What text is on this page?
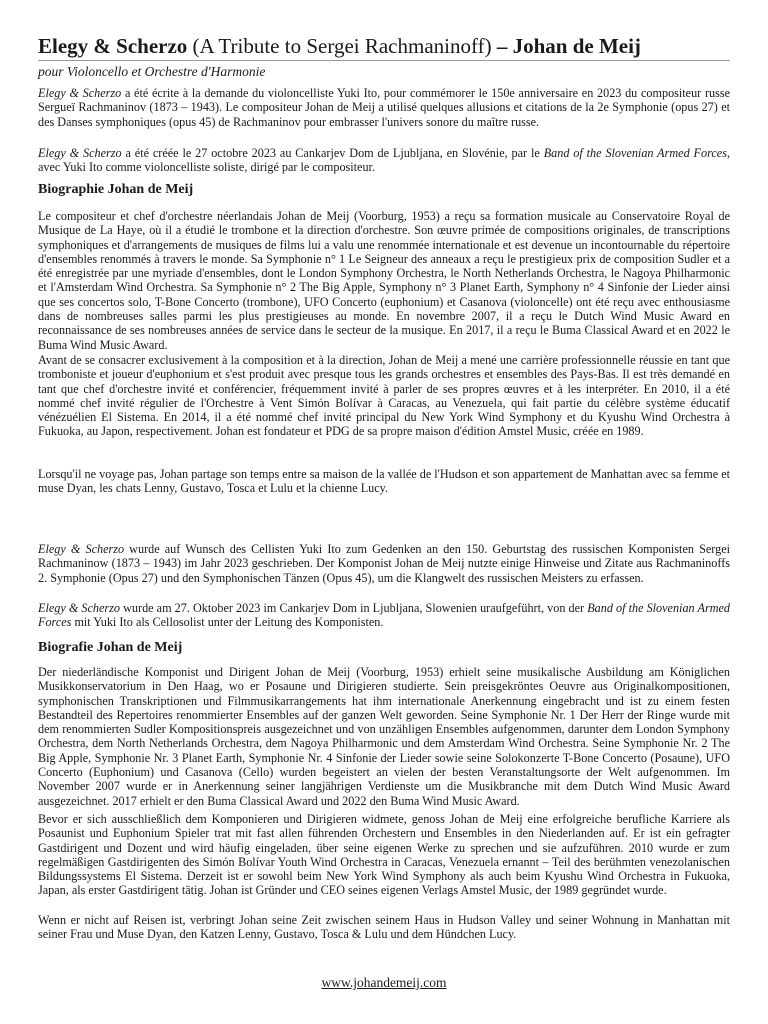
Elegy & Scherzo (A Tribute to Sergei Rachmaninoff) – Johan de Meij
pour Violoncello et Orchestre d'Harmonie

Elegy & Scherzo a été écrite à la demande du violoncelliste Yuki Ito, pour commémorer le 150e anniversaire en 2023 du compositeur russe Sergueï Rachmaninov (1873 – 1943). Le compositeur Johan de Meij a utilisé quelques allusions et citations de la 2e Symphonie (opus 27) et des Danses symphoniques (opus 45) de Rachmaninov pour embrasser l'univers sonore du maître russe.

Elegy & Scherzo a été créée le 27 octobre 2023 au Cankarjev Dom de Ljubljana, en Slovénie, par le Band of the Slovenian Armed Forces, avec Yuki Ito comme violoncelliste soliste, dirigé par le compositeur.

Biographie Johan de Meij

Le compositeur et chef d'orchestre néerlandais Johan de Meij (Voorburg, 1953) a reçu sa formation musicale au Conservatoire Royal de Musique de La Haye, où il a étudié le trombone et la direction d'orchestre. Son œuvre primée de compositions originales, de transcriptions symphoniques et d'arrangements de musiques de films lui a valu une renommée internationale et est devenue un incontournable du répertoire d'ensembles renommés à travers le monde. Sa Symphonie n° 1 Le Seigneur des anneaux a reçu le prestigieux prix de composition Sudler et a été enregistrée par une myriade d'ensembles, dont le London Symphony Orchestra, le North Netherlands Orchestra, le Nagoya Philharmonic et l'Amsterdam Wind Orchestra. Sa Symphonie n° 2 The Big Apple, Symphony n° 3 Planet Earth, Symphony n° 4 Sinfonie der Lieder ainsi que ses concertos solo, T-Bone Concerto (trombone), UFO Concerto (euphonium) et Casanova (violoncelle) ont été reçu avec enthousiasme dans de nombreuses salles parmi les plus prestigieuses au monde. En novembre 2007, il a reçu le Dutch Wind Music Award en reconnaissance de ses nombreuses années de service dans le secteur de la musique. En 2017, il a reçu le Buma Classical Award et en 2022 le Buma Wind Music Award.

Avant de se consacrer exclusivement à la composition et à la direction, Johan de Meij a mené une carrière professionnelle réussie en tant que tromboniste et joueur d'euphonium et s'est produit avec presque tous les grands orchestres et ensembles des Pays-Bas. Il est très demandé en tant que chef d'orchestre invité et conférencier, fréquemment invité à parler de ses propres œuvres et à les interpréter. En 2010, il a été nommé chef invité régulier de l'Orchestre à Vent Simón Bolívar à Caracas, au Venezuela, qui fait partie du célèbre système éducatif vénézuélien El Sistema. En 2014, il a été nommé chef invité principal du New York Wind Symphony et du Kyushu Wind Orchestra à Fukuoka, au Japon, respectivement. Johan est fondateur et PDG de sa propre maison d'édition Amstel Music, créée en 1989.

Lorsqu'il ne voyage pas, Johan partage son temps entre sa maison de la vallée de l'Hudson et son appartement de Manhattan avec sa femme et muse Dyan, les chats Lenny, Gustavo, Tosca et Lulu et la chienne Lucy.

Elegy & Scherzo wurde auf Wunsch des Cellisten Yuki Ito zum Gedenken an den 150. Geburtstag des russischen Komponisten Sergei Rachmaninow (1873 – 1943) im Jahr 2023 geschrieben. Der Komponist Johan de Meij nutzte einige Hinweise und Zitate aus Rachmaninoffs 2. Symphonie (Opus 27) und den Symphonischen Tänzen (Opus 45), um die Klangwelt des russischen Meisters zu erfassen.

Elegy & Scherzo wurde am 27. Oktober 2023 im Cankarjev Dom in Ljubljana, Slowenien uraufgeführt, von der Band of the Slovenian Armed Forces mit Yuki Ito als Cellosolist unter der Leitung des Komponisten.

Biografie Johan de Meij

Der niederländische Komponist und Dirigent Johan de Meij (Voorburg, 1953) erhielt seine musikalische Ausbildung am Königlichen Musikkonservatorium in Den Haag, wo er Posaune und Dirigieren studierte. Sein preisgekröntes Oeuvre aus Originalkompositionen, symphonischen Transkriptionen und Filmmusikarrangements hat ihm internationale Anerkennung eingebracht und ist zu einem festen Bestandteil des Repertoires renommierter Ensembles auf der ganzen Welt geworden. Seine Symphonie Nr. 1 Der Herr der Ringe wurde mit dem renommierten Sudler Kompositionspreis ausgezeichnet und von unzähligen Ensembles aufgenommen, darunter dem London Symphony Orchestra, dem North Netherlands Orchestra, dem Nagoya Philharmonic und dem Amsterdam Wind Orchestra. Seine Symphonie Nr. 2 The Big Apple, Symphonie Nr. 3 Planet Earth, Symphonie Nr. 4 Sinfonie der Lieder sowie seine Solokonzerte T-Bone Concerto (Posaune), UFO Concerto (Euphonium) und Casanova (Cello) wurden begeistert an vielen der besten Veranstaltungsorte der Welt aufgenommen. Im November 2007 wurde er in Anerkennung seiner langjährigen Verdienste um die Musikbranche mit dem Dutch Wind Music Award ausgezeichnet. 2017 erhielt er den Buma Classical Award und 2022 den Buma Wind Music Award.

Bevor er sich ausschließlich dem Komponieren und Dirigieren widmete, genoss Johan de Meij eine erfolgreiche berufliche Karriere als Posaunist und Euphonium Spieler trat mit fast allen führenden Orchestern und Ensembles in den Niederlanden auf. Er ist ein gefragter Gastdirigent und Dozent und wird häufig eingeladen, über seine eigenen Werke zu sprechen und sie aufzuführen. 2010 wurde er zum regelmäßigen Gastdirigenten des Simón Bolívar Youth Wind Orchestra in Caracas, Venezuela ernannt – Teil des berühmten venezolanischen Bildungssystems El Sistema. Derzeit ist er sowohl beim New York Wind Symphony als auch beim Kyushu Wind Orchestra in Fukuoka, Japan, als erster Gastdirigent tätig. Johan ist Gründer und CEO seines eigenen Verlags Amstel Music, der 1989 gegründet wurde.

Wenn er nicht auf Reisen ist, verbringt Johan seine Zeit zwischen seinem Haus in Hudson Valley und seiner Wohnung in Manhattan mit seiner Frau und Muse Dyan, den Katzen Lenny, Gustavo, Tosca & Lulu und dem Hündchen Lucy.

www.johandemeij.com
